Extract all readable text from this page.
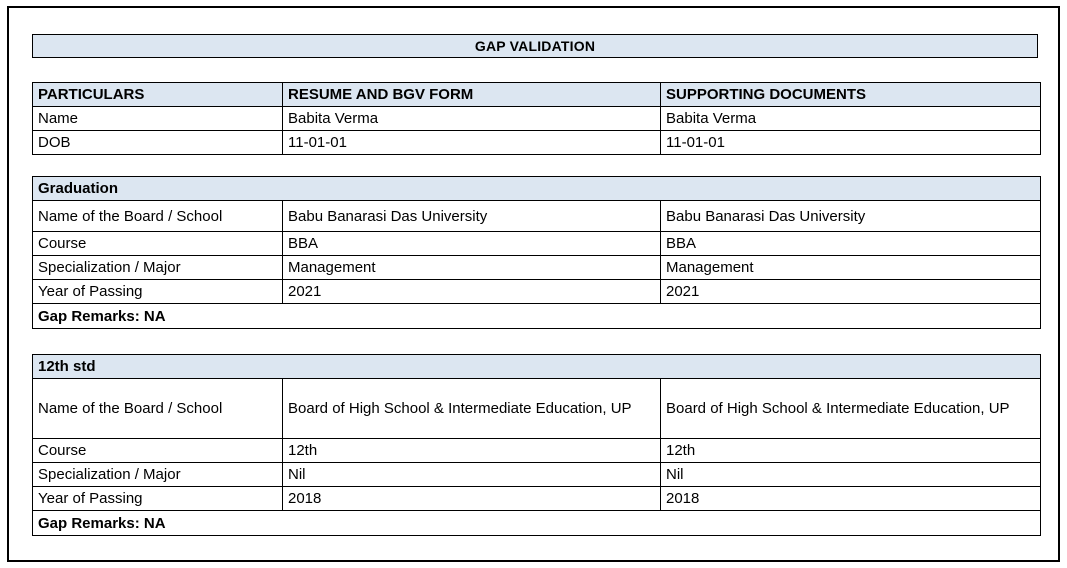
GAP VALIDATION
PARTICULARS	RESUME AND BGV FORM	SUPPORTING DOCUMENTS
Name	Babita Verma	Babita Verma
DOB	11-01-01	11-01-01
Graduation		
Name of the Board / School	Babu Banarasi Das University	Babu Banarasi Das University
Course	BBA	BBA
Specialization / Major	Management	Management
Year of Passing	2021	2021
Gap Remarks: NA		
12th std		
Name of the Board / School	Board of High School & Intermediate Education, UP	Board of High School & Intermediate Education, UP
Course	12th	12th
Specialization / Major	Nil	Nil
Year of Passing	2018	2018
Gap Remarks: NA		
